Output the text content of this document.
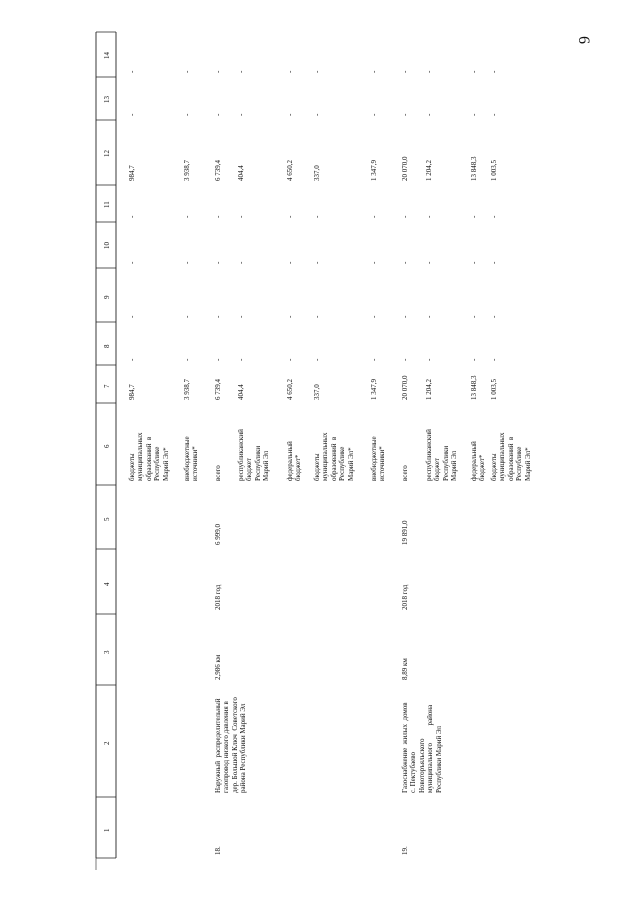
6
1
2
3
4
5
6
7
8
9
10
11
12
13
14
бюджеты
муниципальных
образований  в
Республике
Марий Эл*
984,7
-
-
-
-
984,7
-
-
внебюджетные
источники*
3 938,7
-
-
-
-
3 938,7
-
-
18.
Наружный  распределительный
газопровод низкого давления в
дер. Большой Ключ  Советского
района Республики Марий Эл
2,986 км
2018 год
6 999,0
всего
6 739,4
-
-
-
-
6 739,4
-
-
республиканский
бюджет
Республики
Марий Эл
404,4
-
-
-
-
404,4
-
-
федеральный
бюджет*
4 650,2
-
-
-
-
4 650,2
-
-
бюджеты
муниципальных
образований  в
Республике
Марий Эл*
337,0
-
-
-
-
337,0
-
-
внебюджетные
источники*
1 347,9
-
-
-
-
1 347,9
-
-
19.
Газоснабжение  жилых  домов
с. Пектубаево
Новоторъяльского
муниципального          района
Республики Марий Эл
8,89 км
2018 год
19 891,0
всего
20 070,0
-
-
-
-
20 070,0
-
-
республиканский
бюджет
Республики
Марий Эл
1 204,2
-
-
-
-
1 204,2
-
-
федеральный
бюджет*
13 848,3
-
-
-
-
13 848,3
-
-
бюджеты
муниципальных
образований  в
Республике
Марий Эл*
1 003,5
-
-
-
-
1 003,5
-
-
